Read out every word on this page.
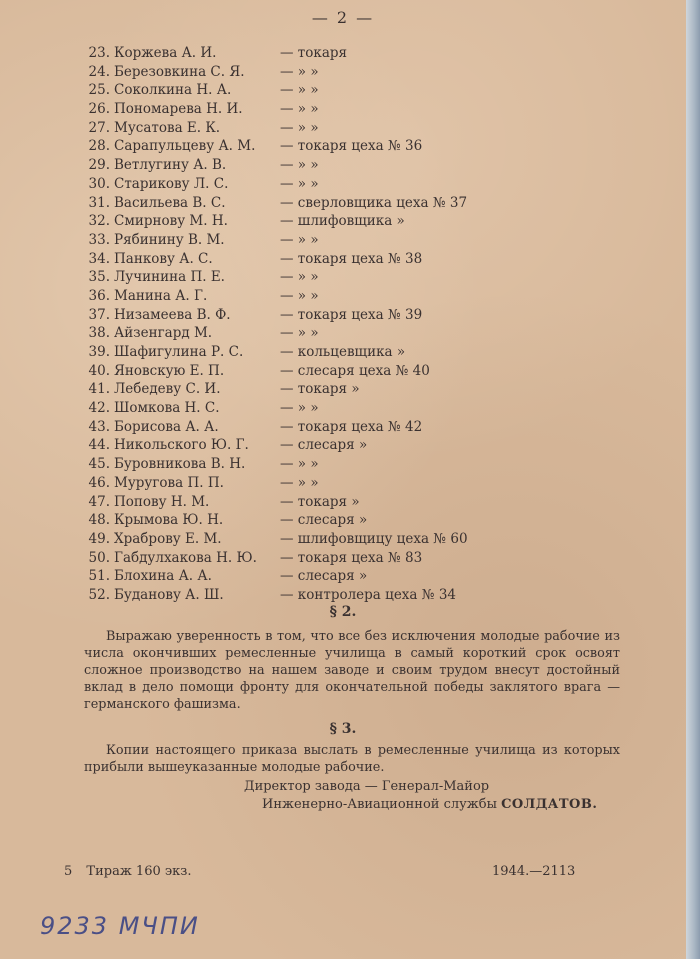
— 2 —
23. Коржева А. И.	— токаря
24. Березовкина С. Я.	— » »
25. Соколкина Н. А.	— » »
26. Пономарева Н. И.	— » »
27. Мусатова Е. К.	— » »
28. Сарапульцеву А. М. — токаря цеха № 36
29. Ветлугину А. В.	— » »
30. Старикову Л. С.	— » »
31. Васильева В. С.	— сверловщика цеха № 37
32. Смирнову М. Н.	— шлифовщика »
33. Рябинину В. М.	— » »
34. Панкову А. С.	— токаря цеха № 38
35. Лучинина П. Е.	— » »
36. Манина А. Г.	— » »
37. Низамеева В. Ф.	— токаря цеха № 39
38. Айзенгард М.	— » »
39. Шафигулина Р. С.	— кольцевщика »
40. Яновскую Е. П.	— слесаря цеха № 40
41. Лебедеву С. И.	— токаря »
42. Шомкова Н. С.	— » »
43. Борисова А. А.	— токаря цеха № 42
44. Никольского Ю. Г. — слесаря »
45. Буровникова В. Н.	— » »
46. Муругова П. П.	— » »
47. Попову Н. М.	— токаря »
48. Крымова Ю. Н.	— слесаря »
49. Храброву Е. М.	— шлифовщицу цеха № 60
50. Габдулхакова Н. Ю. — токаря цеха № 83
51. Блохина А. А.	— слесаря »
52. Буданову А. Ш.	— контролера цеха № 34
§ 2.
Выражаю уверенность в том, что все без исключения молодые рабочие из числа окончивших ремесленные училища в самый короткий срок освоят сложное производство на нашем заводе и своим трудом внесут достойный вклад в дело помощи фронту для окончательной победы заклятого врага — германского фашизма.
§ 3.
Копии настоящего приказа выслать в ремесленные училища из которых прибыли вышеуказанные молодые рабочие.
Директор завода — Генерал-Майор
Инженерно-Авиационной службы СОЛДАТОВ.
5 Тираж 160 экз.	1944.—2113
9233 МЧПИ
